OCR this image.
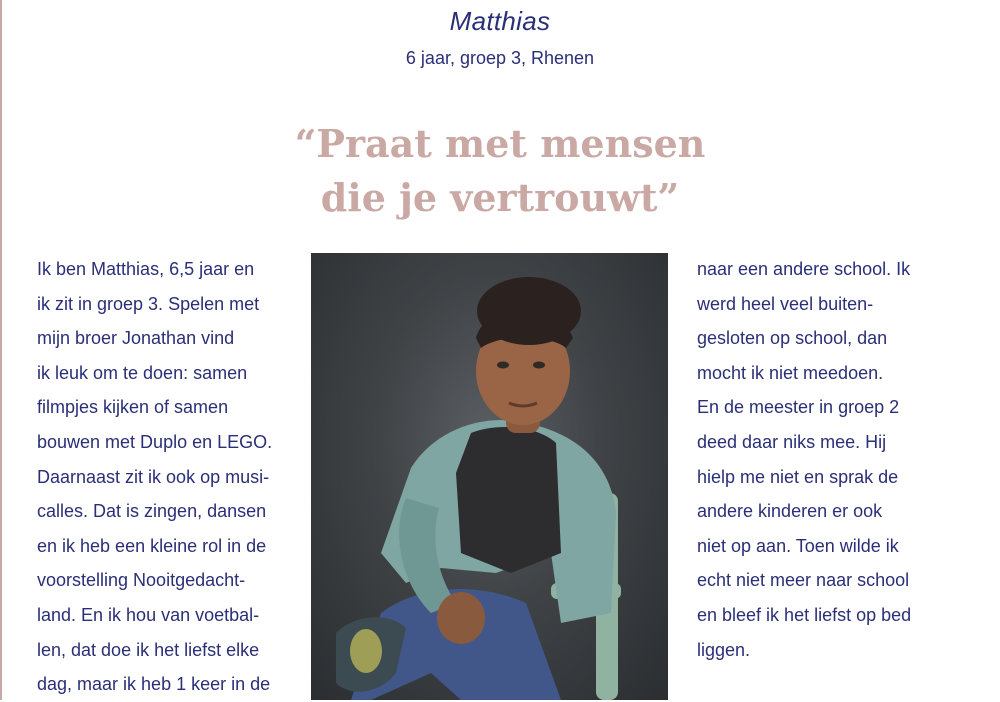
Matthias
6 jaar, groep 3, Rhenen
“Praat met mensen
die je vertrouwt”
Ik ben Matthias, 6,5 jaar en
ik zit in groep 3. Spelen met
mijn broer Jonathan vind
ik leuk om te doen: samen
filmpjes kijken of samen
bouwen met Duplo en LEGO.
Daarnaast zit ik ook op musi-
calles. Dat is zingen, dansen
en ik heb een kleine rol in de
voorstelling Nooitgedacht-
land. En ik hou van voetbal-
len, dat doe ik het liefst elke
dag, maar ik heb 1 keer in de
naar een andere school. Ik
werd heel veel buiten-
gesloten op school, dan
mocht ik niet meedoen.
En de meester in groep 2
deed daar niks mee. Hij
hielp me niet en sprak de
andere kinderen er ook
niet op aan. Toen wilde ik
echt niet meer naar school
en bleef ik het liefst op bed
liggen.
